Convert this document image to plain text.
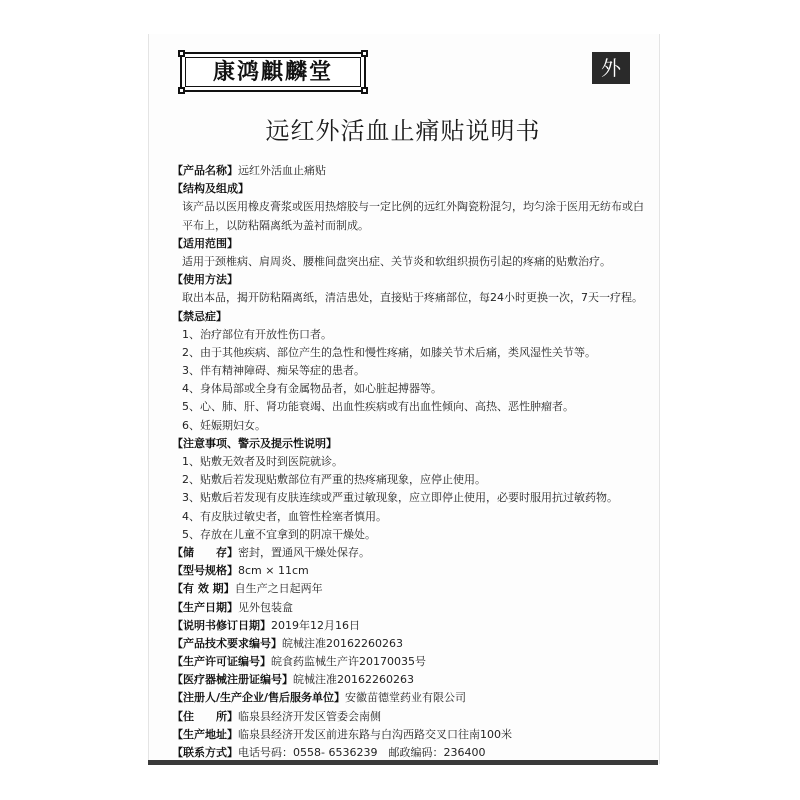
康鸿麒麟堂	外
远红外活血止痛贴说明书
【产品名称】远红外活血止痛贴
【结构及组成】
该产品以医用橡皮膏浆或医用热熔胶与一定比例的远红外陶瓷粉混匀，均匀涂于医用无纺布或白
平布上，以防粘隔离纸为盖衬而制成。
【适用范围】
适用于颈椎病、肩周炎、腰椎间盘突出症、关节炎和软组织损伤引起的疼痛的贴敷治疗。
【使用方法】
取出本品，揭开防粘隔离纸，清洁患处，直接贴于疼痛部位，每24小时更换一次，7天一疗程。
【禁忌症】
1、治疗部位有开放性伤口者。
2、由于其他疾病、部位产生的急性和慢性疼痛，如膝关节术后痛，类风湿性关节等。
3、伴有精神障碍、痴呆等症的患者。
4、身体局部或全身有金属物品者，如心脏起搏器等。
5、心、肺、肝、肾功能衰竭、出血性疾病或有出血性倾向、高热、恶性肿瘤者。
6、妊娠期妇女。
【注意事项、警示及提示性说明】
1、贴敷无效者及时到医院就诊。
2、贴敷后若发现贴敷部位有严重的热疼痛现象，应停止使用。
3、贴敷后若发现有皮肤连续或严重过敏现象，应立即停止使用，必要时服用抗过敏药物。
4、有皮肤过敏史者，血管性栓塞者慎用。
5、存放在儿童不宜拿到的阴凉干燥处。
【储　　存】密封，置通风干燥处保存。
【型号规格】8cm × 11cm
【有 效 期】自生产之日起两年
【生产日期】见外包装盒
【说明书修订日期】2019年12月16日
【产品技术要求编号】皖械注准20162260263
【生产许可证编号】皖食药监械生产许20170035号
【医疗器械注册证编号】皖械注准20162260263
【注册人/生产企业/售后服务单位】安徽苗德堂药业有限公司
【住　　所】临泉县经济开发区管委会南侧
【生产地址】临泉县经济开发区前进东路与白沟西路交叉口往南100米
【联系方式】电话号码：0558- 6536239　邮政编码：236400
